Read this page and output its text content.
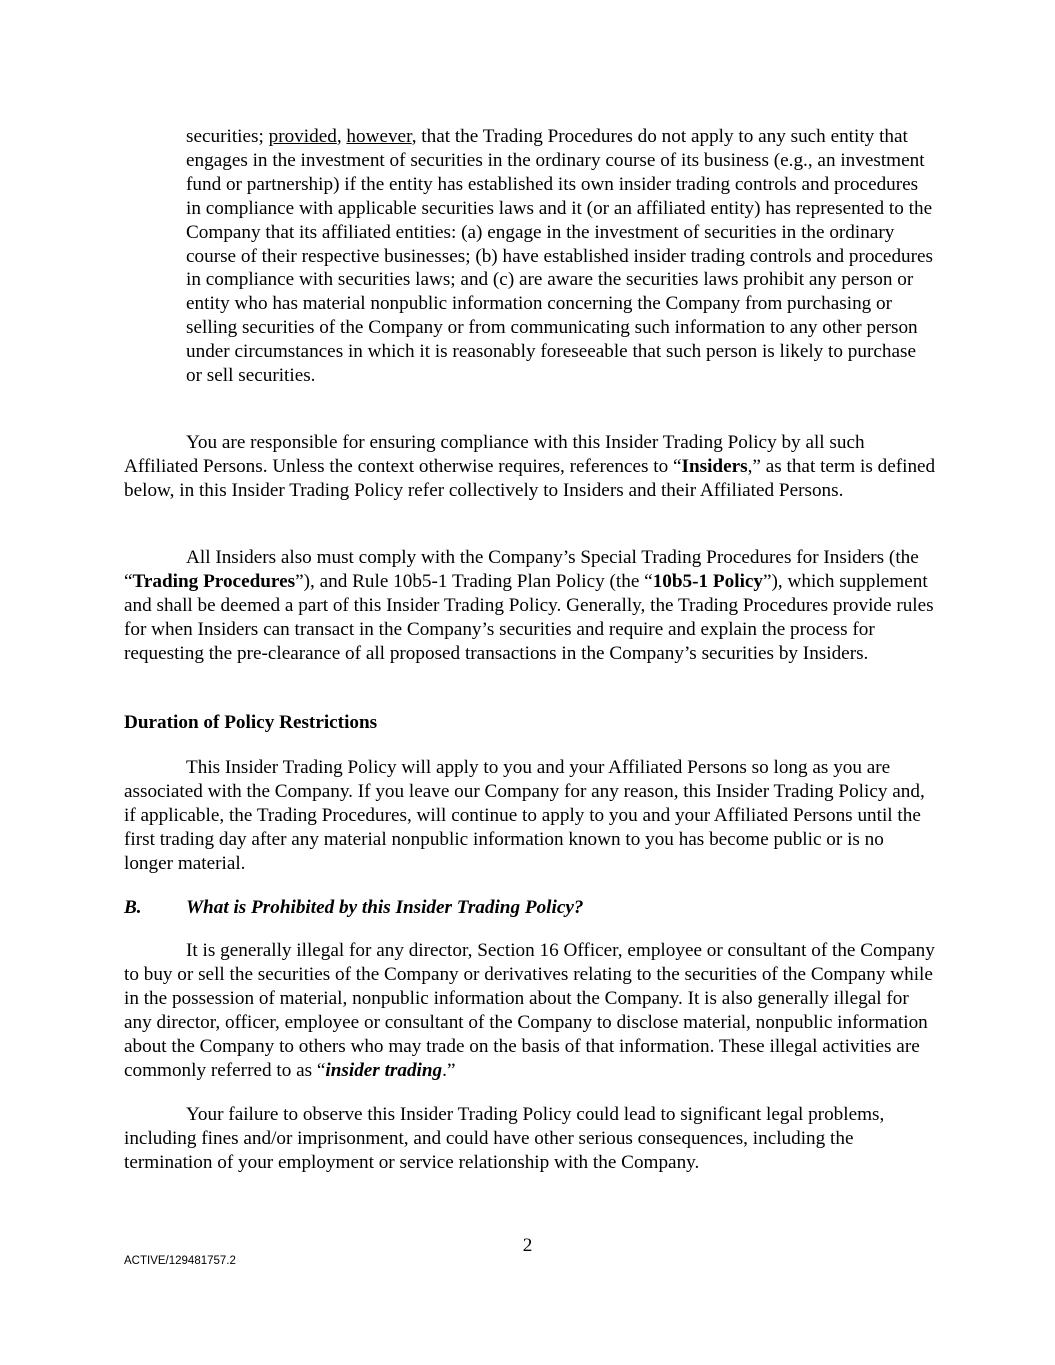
securities; provided, however, that the Trading Procedures do not apply to any such entity that engages in the investment of securities in the ordinary course of its business (e.g., an investment fund or partnership) if the entity has established its own insider trading controls and procedures in compliance with applicable securities laws and it (or an affiliated entity) has represented to the Company that its affiliated entities: (a) engage in the investment of securities in the ordinary course of their respective businesses; (b) have established insider trading controls and procedures in compliance with securities laws; and (c) are aware the securities laws prohibit any person or entity who has material nonpublic information concerning the Company from purchasing or selling securities of the Company or from communicating such information to any other person under circumstances in which it is reasonably foreseeable that such person is likely to purchase or sell securities.

You are responsible for ensuring compliance with this Insider Trading Policy by all such Affiliated Persons. Unless the context otherwise requires, references to “Insiders,” as that term is defined below, in this Insider Trading Policy refer collectively to Insiders and their Affiliated Persons.

All Insiders also must comply with the Company’s Special Trading Procedures for Insiders (the “Trading Procedures”), and Rule 10b5-1 Trading Plan Policy (the “10b5-1 Policy”), which supplement and shall be deemed a part of this Insider Trading Policy. Generally, the Trading Procedures provide rules for when Insiders can transact in the Company’s securities and require and explain the process for requesting the pre-clearance of all proposed transactions in the Company’s securities by Insiders.

Duration of Policy Restrictions

This Insider Trading Policy will apply to you and your Affiliated Persons so long as you are associated with the Company. If you leave our Company for any reason, this Insider Trading Policy and, if applicable, the Trading Procedures, will continue to apply to you and your Affiliated Persons until the first trading day after any material nonpublic information known to you has become public or is no longer material.

B. What is Prohibited by this Insider Trading Policy?

It is generally illegal for any director, Section 16 Officer, employee or consultant of the Company to buy or sell the securities of the Company or derivatives relating to the securities of the Company while in the possession of material, nonpublic information about the Company. It is also generally illegal for any director, officer, employee or consultant of the Company to disclose material, nonpublic information about the Company to others who may trade on the basis of that information. These illegal activities are commonly referred to as “insider trading.”

Your failure to observe this Insider Trading Policy could lead to significant legal problems, including fines and/or imprisonment, and could have other serious consequences, including the termination of your employment or service relationship with the Company.

2
ACTIVE/129481757.2
